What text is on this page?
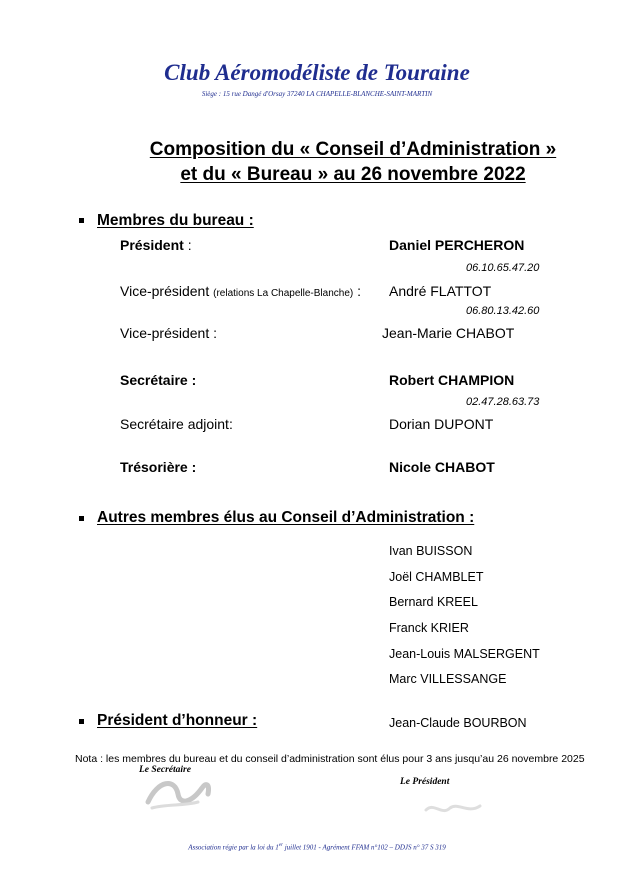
Club Aéromodéliste de Touraine
Siège : 15 rue Dangé d'Orsay 37240 LA CHAPELLE-BLANCHE-SAINT-MARTIN
Composition du « Conseil d’Administration »
et du « Bureau » au 26 novembre 2022
Membres du bureau :
Président :	Daniel PERCHERON
06.10.65.47.20
Vice-président (relations La Chapelle-Blanche) : André FLATTOT
06.80.13.42.60
Vice-président :	Jean-Marie CHABOT
Secrétaire :	Robert CHAMPION
02.47.28.63.73
Secrétaire adjoint:	Dorian DUPONT
Trésorière :	Nicole CHABOT
Autres membres élus au Conseil d’Administration :
Ivan BUISSON
Joël CHAMBLET
Bernard KREEL
Franck KRIER
Jean-Louis MALSERGENT
Marc VILLESSANGE
Président d’honneur :	Jean-Claude BOURBON
Nota : les membres du bureau et du conseil d’administration sont élus pour 3 ans jusqu’au 26 novembre 2025
Le Secrétaire
Le Président
Association régie par la loi du 1er juillet 1901 - Agrément FFAM n°102 – DDJS n° 37 S 319
